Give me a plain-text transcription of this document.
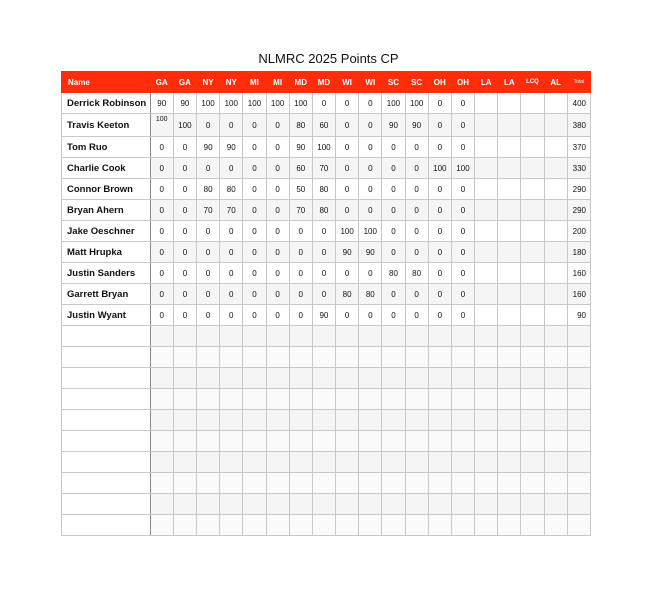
NLMRC 2025 Points CP
Name	GA	GA	NY	NY	MI	MI	MD	MD	WI	WI	SC	SC	OH	OH	LA	LA	LCQ	AL	Total
Derrick Robinson	90	90	100	100	100	100	100	0	0	0	100	100	0	0					400
Travis Keeton	100	100	0	0	0	0	80	60	0	0	90	90	0	0					380
Tom Ruo	0	0	90	90	0	0	90	100	0	0	0	0	0	0					370
Charlie Cook	0	0	0	0	0	0	60	70	0	0	0	0	100	100					330
Connor Brown	0	0	80	80	0	0	50	80	0	0	0	0	0	0					290
Bryan Ahern	0	0	70	70	0	0	70	80	0	0	0	0	0	0					290
Jake Oeschner	0	0	0	0	0	0	0	0	100	100	0	0	0	0					200
Matt Hrupka	0	0	0	0	0	0	0	0	90	90	0	0	0	0					180
Justin Sanders	0	0	0	0	0	0	0	0	0	0	80	80	0	0					160
Garrett Bryan	0	0	0	0	0	0	0	0	80	80	0	0	0	0					160
Justin Wyant	0	0	0	0	0	0	0	90	0	0	0	0	0	0					90
